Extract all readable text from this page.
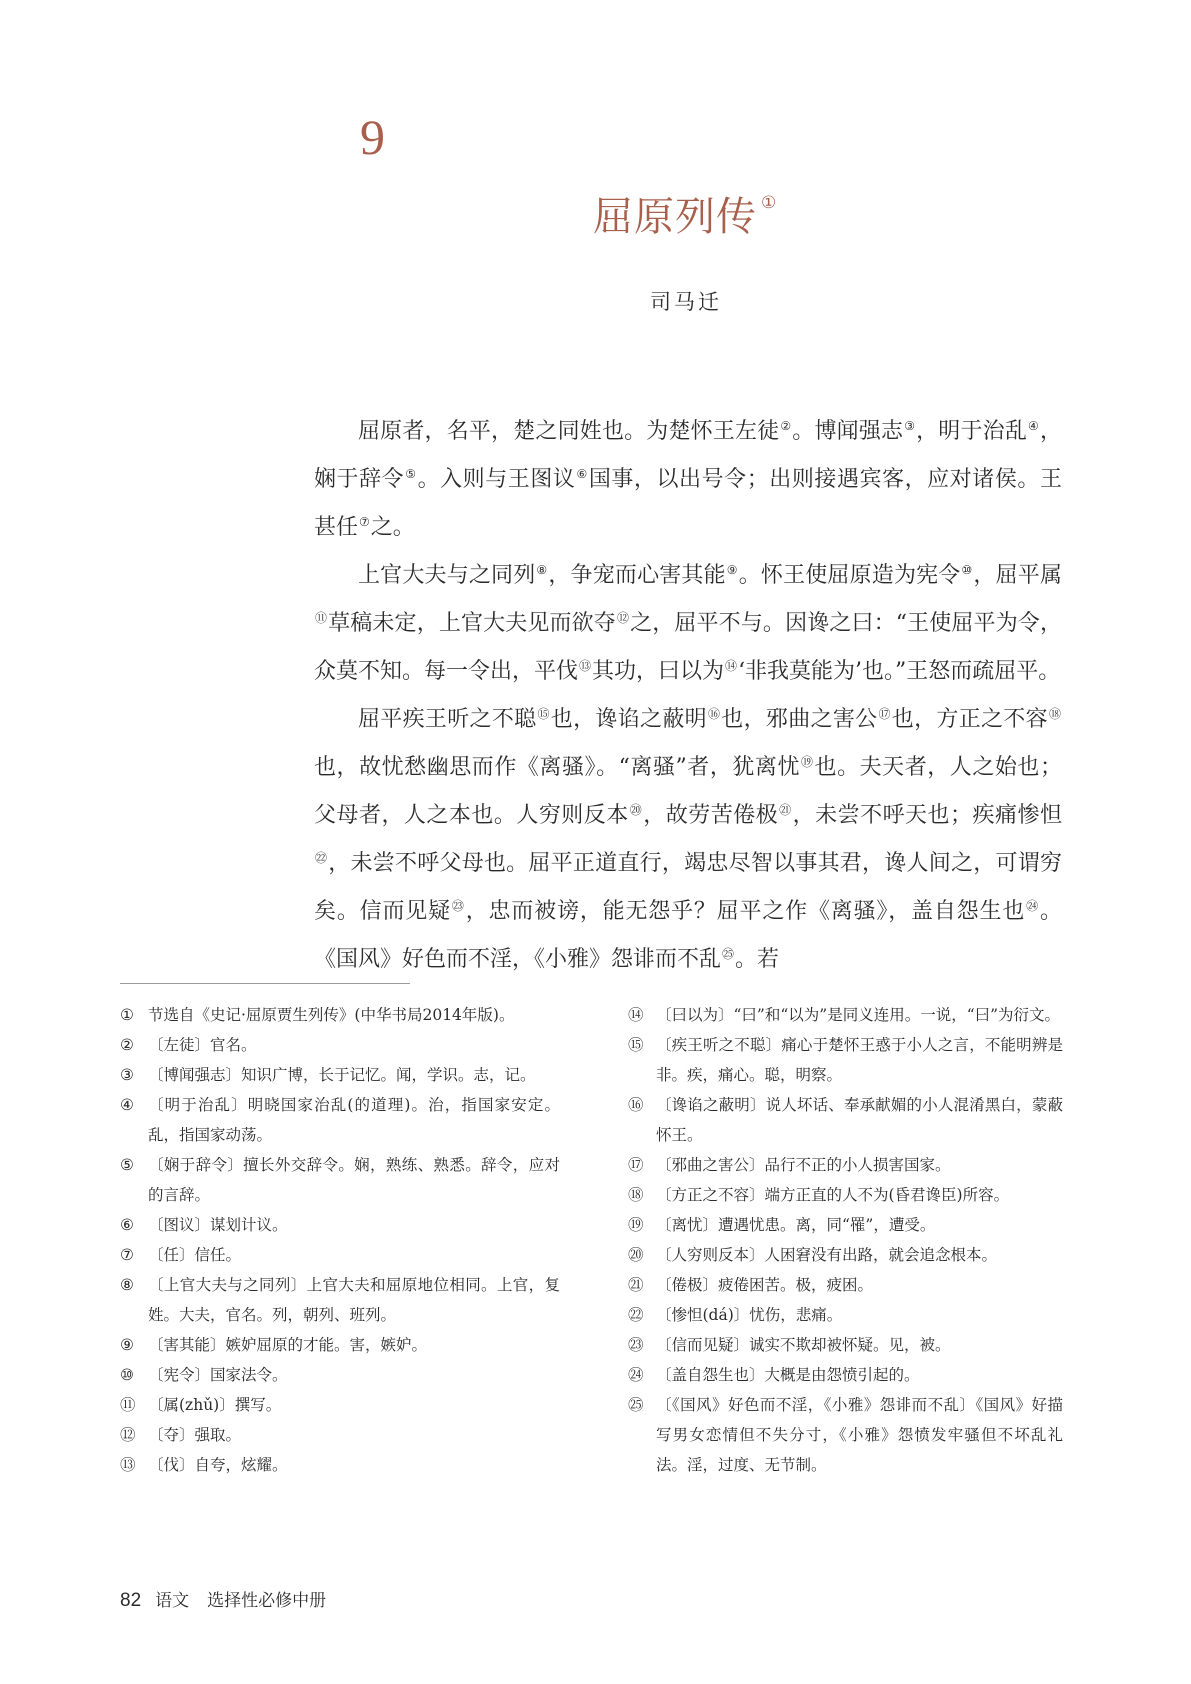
9
屈原列传 ①
司马迁

屈原者，名平，楚之同姓也。为楚怀王左徒②。博闻强志③，明于治乱④，娴于辞令⑤。入则与王图议⑥国事，以出号令；出则接遇宾客，应对诸侯。王甚任⑦之。

上官大夫与之同列⑧，争宠而心害其能⑨。怀王使屈原造为宪令⑩，屈平属⑪草稿未定，上官大夫见而欲夺⑫之，屈平不与。因谗之曰：“王使屈平为令，众莫不知。每一令出，平伐⑬其功，曰以为⑭‘非我莫能为’也。”王怒而疏屈平。

屈平疾王听之不聪⑮也，谗谄之蔽明⑯也，邪曲之害公⑰也，方正之不容⑱也，故忧愁幽思而作《离骚》。“离骚”者，犹离忧⑲也。夫天者，人之始也；父母者，人之本也。人穷则反本⑳，故劳苦倦极$^㉑$，未尝不呼天也；疾痛惨怛$^㉒$，未尝不呼父母也。屈平正道直行，竭忠尽智以事其君，谗人间之，可谓穷矣。信而见疑$^㉓$，忠而被谤，能无怨乎？屈平之作《离骚》，盖自怨生也$^㉔$。《国风》好色而不淫，《小雅》怨诽而不乱$^㉕$。若

① 节选自《史记·屈原贾生列传》(中华书局2014年版)。
② 〔左徒〕官名。
③ 〔博闻强志〕知识广博，长于记忆。闻，学识。志，记。
④ 〔明于治乱〕明晓国家治乱(的道理)。治，指国家安定。乱，指国家动荡。
⑤ 〔娴于辞令〕擅长外交辞令。娴，熟练、熟悉。辞令，应对的言辞。
⑥ 〔图议〕谋划计议。
⑦ 〔任〕信任。
⑧ 〔上官大夫与之同列〕上官大夫和屈原地位相同。上官，复姓。大夫，官名。列，朝列、班列。
⑨ 〔害其能〕嫉妒屈原的才能。害，嫉妒。
⑩ 〔宪令〕国家法令。
⑪ 〔属(zhǔ)〕撰写。
⑫ 〔夺〕强取。
⑬ 〔伐〕自夸，炫耀。
⑭ 〔曰以为〕“曰”和“以为”是同义连用。一说，“曰”为衍文。
⑮ 〔疾王听之不聪〕痛心于楚怀王惑于小人之言，不能明辨是非。疾，痛心。聪，明察。
⑯ 〔谗谄之蔽明〕说人坏话、奉承献媚的小人混淆黑白，蒙蔽怀王。
⑰ 〔邪曲之害公〕品行不正的小人损害国家。
⑱ 〔方正之不容〕端方正直的人不为(昏君谗臣)所容。
⑲ 〔离忧〕遭遇忧患。离，同“罹”，遭受。
⑳ 〔人穷则反本〕人困窘没有出路，就会追念根本。
㉑ 〔倦极〕疲倦困苦。极，疲困。
㉒ 〔惨怛(dá)〕忧伤，悲痛。
㉓ 〔信而见疑〕诚实不欺却被怀疑。见，被。
㉔ 〔盖自怨生也〕大概是由怨愤引起的。
㉕ 〔《国风》好色而不淫，《小雅》怨诽而不乱〕《国风》好描写男女恋情但不失分寸，《小雅》怨愤发牢骚但不坏乱礼法。淫，过度、无节制。
82 语文 选择性必修中册
